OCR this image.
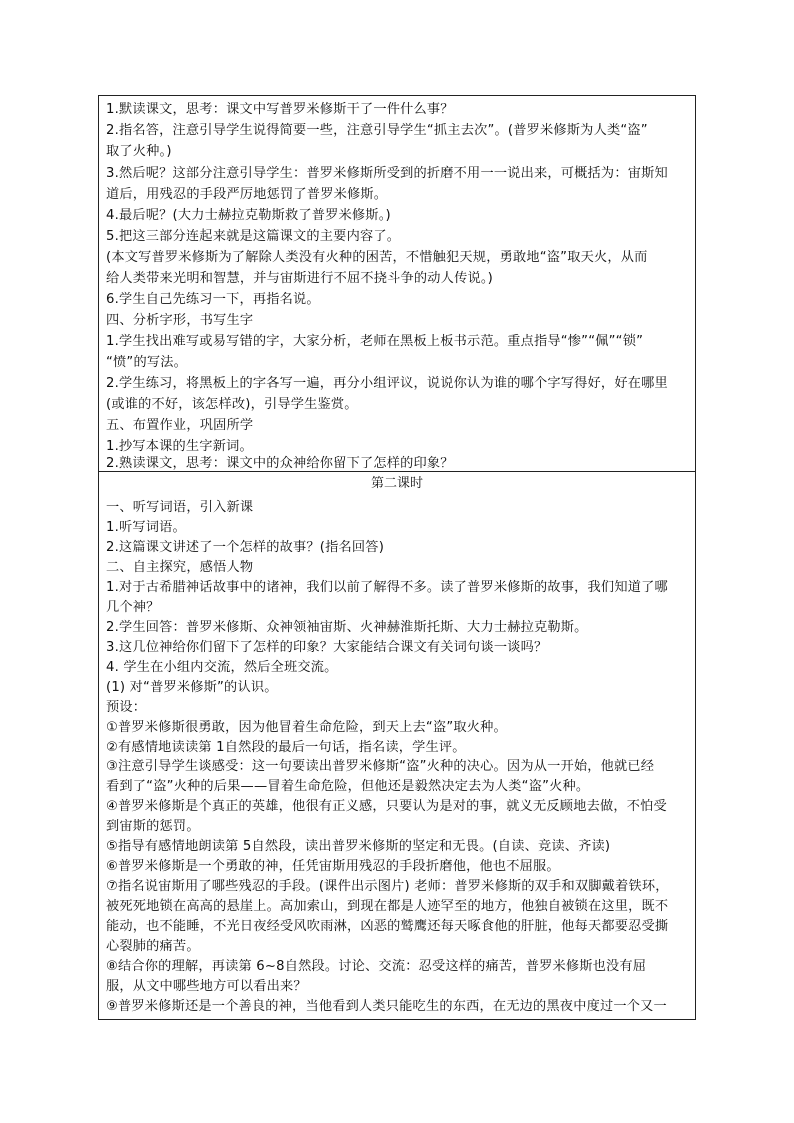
1.默读课文，思考：课文中写普罗米修斯干了一件什么事？
2.指名答，注意引导学生说得简要一些，注意引导学生“抓主去次”。(普罗米修斯为人类“盗”
取了火种。)
3.然后呢？这部分注意引导学生：普罗米修斯所受到的折磨不用一一说出来，可概括为：宙斯知
道后，用残忍的手段严厉地惩罚了普罗米修斯。
4.最后呢？(大力士赫拉克勒斯救了普罗米修斯。)
5.把这三部分连起来就是这篇课文的主要内容了。
(本文写普罗米修斯为了解除人类没有火种的困苦，不惜触犯天规，勇敢地“盗”取天火，从而
给人类带来光明和智慧，并与宙斯进行不屈不挠斗争的动人传说。)
6.学生自己先练习一下，再指名说。
四、分析字形，书写生字
1.学生找出难写或易写错的字，大家分析，老师在黑板上板书示范。重点指导“惨”“佩”“锁”
“愤”的写法。
2.学生练习，将黑板上的字各写一遍，再分小组评议，说说你认为谁的哪个字写得好，好在哪里
(或谁的不好，该怎样改)，引导学生鉴赏。
五、布置作业，巩固所学
1.抄写本课的生字新词。
2.熟读课文，思考：课文中的众神给你留下了怎样的印象？
第二课时
一、听写词语，引入新课
1.听写词语。
2.这篇课文讲述了一个怎样的故事？(指名回答)
二、自主探究，感悟人物
1.对于古希腊神话故事中的诸神，我们以前了解得不多。读了普罗米修斯的故事，我们知道了哪
几个神？
2.学生回答：普罗米修斯、众神领袖宙斯、火神赫淮斯托斯、大力士赫拉克勒斯。
3.这几位神给你们留下了怎样的印象？大家能结合课文有关词句谈一谈吗？
4. 学生在小组内交流，然后全班交流。
(1) 对“普罗米修斯”的认识。
预设：
①普罗米修斯很勇敢，因为他冒着生命危险，到天上去“盗”取火种。
②有感情地读读第 1自然段的最后一句话，指名读，学生评。
③注意引导学生谈感受：这一句要读出普罗米修斯“盗”火种的决心。因为从一开始，他就已经
看到了“盗”火种的后果——冒着生命危险，但他还是毅然决定去为人类“盗”火种。
④普罗米修斯是个真正的英雄，他很有正义感，只要认为是对的事，就义无反顾地去做，不怕受
到宙斯的惩罚。
⑤指导有感情地朗读第 5自然段，读出普罗米修斯的坚定和无畏。(自读、竞读、齐读)
⑥普罗米修斯是一个勇敢的神，任凭宙斯用残忍的手段折磨他，他也不屈服。
⑦指名说宙斯用了哪些残忍的手段。(课件出示图片) 老师：普罗米修斯的双手和双脚戴着铁环，
被死死地锁在高高的悬崖上。高加索山，到现在都是人迹罕至的地方，他独自被锁在这里，既不
能动，也不能睡，不光日夜经受风吹雨淋，凶恶的鹫鹰还每天啄食他的肝脏，他每天都要忍受撕
心裂肺的痛苦。
⑧结合你的理解，再读第 6~8自然段。讨论、交流：忍受这样的痛苦，普罗米修斯也没有屈
服，从文中哪些地方可以看出来？
⑨普罗米修斯还是一个善良的神，当他看到人类只能吃生的东西，在无边的黑夜中度过一个又一
